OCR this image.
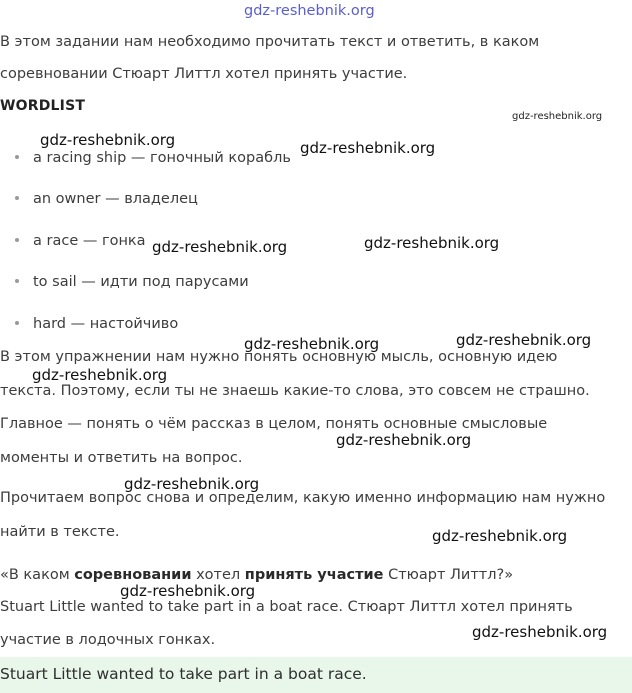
gdz-reshebnik.org
В этом задании нам необходимо прочитать текст и ответить, в каком
соревновании Стюарт Литтл хотел принять участие.
WORDLIST
a racing ship — гоночный корабль
an owner — владелец
a race — гонка
to sail — идти под парусами
hard — настойчиво
В этом упражнении нам нужно понять основную мысль, основную идею
текста. Поэтому, если ты не знаешь какие-то слова, это совсем не страшно.
Главное — понять о чём рассказ в целом, понять основные смысловые
моменты и ответить на вопрос.
Прочитаем вопрос снова и определим, какую именно информацию нам нужно
найти в тексте.
«В каком соревновании хотел принять участие Стюарт Литтл?»
Stuart Little wanted to take part in a boat race. Стюарт Литтл хотел принять
участие в лодочных гонках.
Stuart Little wanted to take part in a boat race.
gdz-reshebnik.org
gdz-reshebnik.org	gdz-reshebnik.org
gdz-reshebnik.org	gdz-reshebnik.org
gdz-reshebnik.org	gdz-reshebnik.org
gdz-reshebnik.org
gdz-reshebnik.org
gdz-reshebnik.org
gdz-reshebnik.org
gdz-reshebnik.org
gdz-reshebnik.org
